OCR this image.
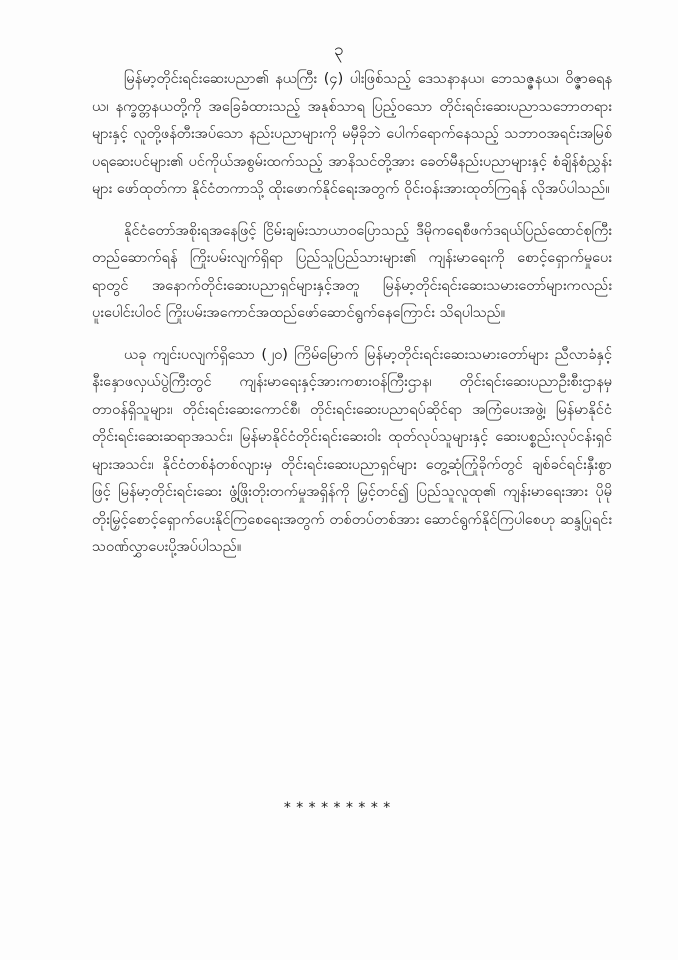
၃

မြန်မာ့တိုင်းရင်းဆေးပညာ၏ နယကြီး (၄) ပါးဖြစ်သည့် ဒေသနာနယ၊ ဘေသဇ္ဇနယ၊ ဝိဇ္ဇာဓရနယ၊ နက္ခတ္တနယတို့ကို အခြေခံထားသည့် အနုစ်သာရ ပြည့်ဝသော တိုင်းရင်းဆေးပညာသဘောတရားများနှင့် လူတို့ဖန်တီးအပ်သော နည်းပညာများကို မမှီခိုဘဲ ပေါက်ရောက်နေသည့် သဘာဝအရင်းအမြစ် ပရဆေးပင်များ၏ ပင်ကိုယ်အစွမ်းထက်သည့် အာနိသင်တို့အား ခေတ်မီနည်းပညာများနှင့် စံချိန်စံညွှန်းများ ဖော်ထုတ်ကာ နိုင်ငံတကာသို့ ထိုးဖောက်နိုင်ရေးအတွက် ဝိုင်းဝန်းအားထုတ်ကြရန် လိုအပ်ပါသည်။

နိုင်ငံတော်အစိုးရအနေဖြင့် ငြိမ်းချမ်းသာယာဝပြောသည့် ဒီမိုကရေစီဖက်ဒရယ်ပြည်ထောင်စုကြီး တည်ဆောက်ရန် ကြိုးပမ်းလျက်ရှိရာ ပြည်သူပြည်သားများ၏ ကျန်းမာရေးကို စောင့်ရှောက်မှုပေးရာတွင် အနောက်တိုင်းဆေးပညာရှင်များနှင့်အတူ မြန်မာ့တိုင်းရင်းဆေးသမားတော်များကလည်း ပူးပေါင်းပါဝင် ကြိုးပမ်းအကောင်အထည်ဖော်ဆောင်ရွက်နေကြောင်း သိရပါသည်။

ယခု ကျင်းပလျက်ရှိသော (၂၀) ကြိမ်မြောက် မြန်မာ့တိုင်းရင်းဆေးသမားတော်များ ညီလာခံနှင့် နီးနှောဖလှယ်ပွဲကြီးတွင် ကျန်းမာရေးနှင့်အားကစားဝန်ကြီးဌာန၊ တိုင်းရင်းဆေးပညာဦးစီးဌာနမှ တာဝန်ရှိသူများ၊ တိုင်းရင်းဆေးကောင်စီ၊ တိုင်းရင်းဆေးပညာရပ်ဆိုင်ရာ အကြံပေးအဖွဲ့၊ မြန်မာနိုင်ငံတိုင်းရင်းဆေးဆရာအသင်း၊ မြန်မာနိုင်ငံတိုင်းရင်းဆေးဝါး ထုတ်လုပ်သူများနှင့် ဆေးပစ္စည်းလုပ်ငန်းရှင်များအသင်း၊ နိုင်ငံတစ်နံတစ်လျားမှ တိုင်းရင်းဆေးပညာရှင်များ တွေ့ဆုံကြုံခိုက်တွင် ချစ်ခင်ရင်းနှီးစွာဖြင့် မြန်မာ့တိုင်းရင်းဆေး ဖွံ့ဖြိုးတိုးတက်မှုအရှိန်ကို မြှင့်တင်၍ ပြည်သူလူထု၏ ကျန်းမာရေးအား ပိုမိုတိုးမြှင့်စောင့်ရှောက်ပေးနိုင်ကြစေရေးအတွက် တစ်တပ်တစ်အား ဆောင်ရွက်နိုင်ကြပါစေဟု ဆန္ဒပြုရင်း သဝဏ်လွှာပေးပို့အပ်ပါသည်။

*********
